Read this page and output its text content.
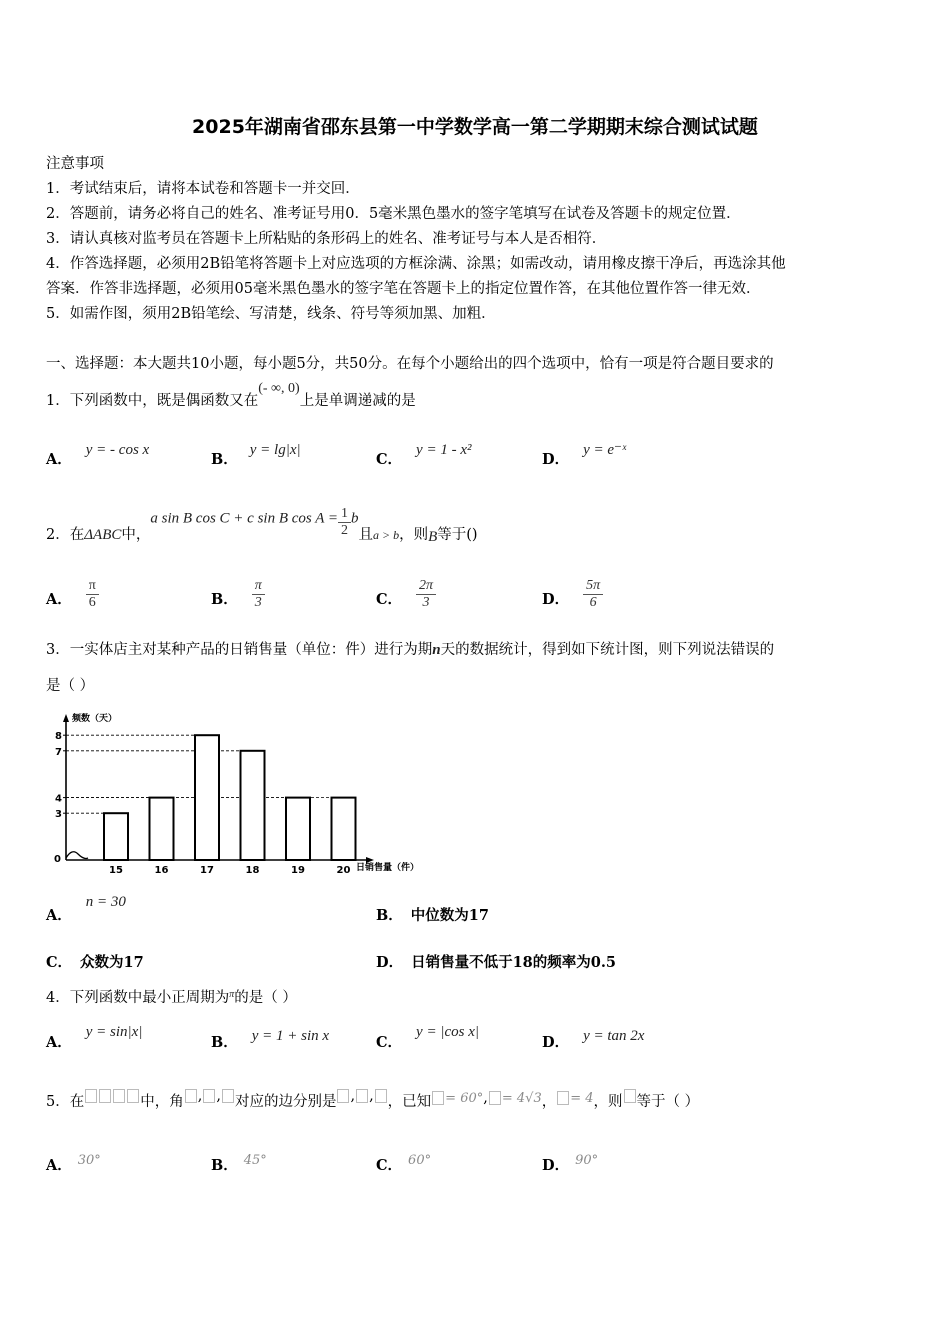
2025年湖南省邵东县第一中学数学高一第二学期期末综合测试试题
注意事项
1．考试结束后，请将本试卷和答题卡一并交回．
2．答题前，请务必将自己的姓名、准考证号用0．5毫米黑色墨水的签字笔填写在试卷及答题卡的规定位置．
3．请认真核对监考员在答题卡上所粘贴的条形码上的姓名、准考证号与本人是否相符．
4．作答选择题，必须用2B铅笔将答题卡上对应选项的方框涂满、涂黑；如需改动，请用橡皮擦干净后，再选涂其他
答案．作答非选择题，必须用05毫米黑色墨水的签字笔在答题卡上的指定位置作答，在其他位置作答一律无效．
5．如需作图，须用2B铅笔绘、写清楚，线条、符号等须加黑、加粗．
一、选择题：本大题共10小题，每小题5分，共50分。在每个小题给出的四个选项中，恰有一项是符合题目要求的
1．下列函数中，既是偶函数又在(- ∞, 0)上是单调递减的是
A．y = - cos x
B．y = lg|x|
C．y = 1 - x²
D．y = e⁻ˣ
2．在ΔABC中，a sin B cos C + c sin B $\cos A = \frac{1}{2}$ b且$_{a > b}$，则B等于()
A． $\frac{\pi}{6}$	B． $\frac{\pi}{3}$	C． $\frac{2\pi}{3}$	D． $\frac{5\pi}{6}$
3．一实体店主对某种产品的日销售量（单位：件）进行为期n天的数据统计，得到如下统计图，则下列说法错误的
是（ ）
0
3
4
7
8
15	16	17	18	19	20
频数（天）
日销售量（件）
A．n = 30
B． 中位数为17
C． 众数为17	D． 日销售量不低于18的频率为0.5
4．下列函数中最小正周期为$^\pi$的是（ ）
A．y = sin|x|
B． y = 1 + sin x	C．y = |cos x|
D． y = tan 2x
5．在	中，角 , , 对应的边分别是 , , ，已知 = 60°, = 4√3， = 4，则 等于（ ）
A． 30°	B． 45°	C． 60°	D． 90°
